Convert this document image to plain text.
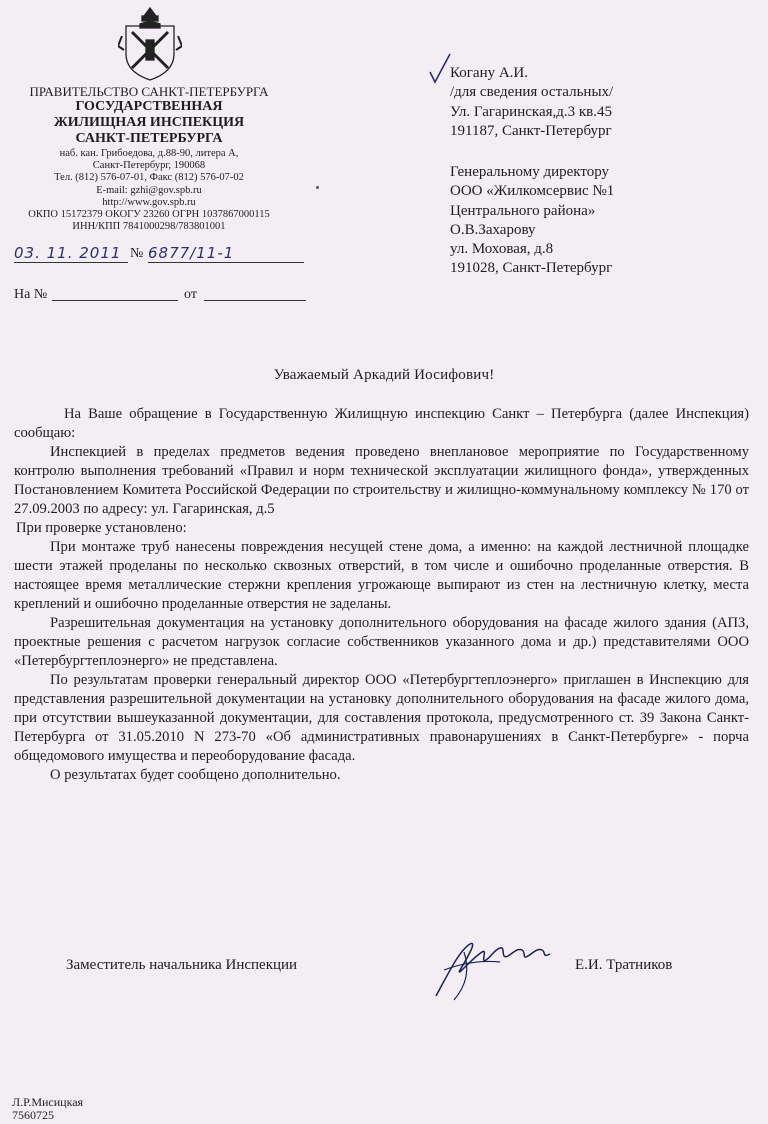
ПРАВИТЕЛЬСТВО САНКТ-ПЕТЕРБУРГА
ГОСУДАРСТВЕННАЯ
ЖИЛИЩНАЯ ИНСПЕКЦИЯ
САНКТ-ПЕТЕРБУРГА
наб. кан. Грибоедова, д.88-90, литера А,
Санкт-Петербург, 190068
Тел. (812) 576-07-01, Факс (812) 576-07-02
E-mail: gzhi@gov.spb.ru
http://www.gov.spb.ru
ОКПО 15172379 ОКОГУ 23260 ОГРН 1037867000115
ИНН/КПП 7841000298/783801001
03. 11. 2011 № 6877/11-1
На №	от
Когану А.И.
/для сведения остальных/
Ул. Гагаринская,д.3 кв.45
191187, Санкт-Петербург
Генеральному директору
ООО «Жилкомсервис №1
Центрального района»
О.В.Захарову
ул. Моховая, д.8
191028, Санкт-Петербург
Уважаемый Аркадий Иосифович!

На Ваше обращение в Государственную Жилищную инспекцию Санкт – Петербурга (далее Инспекция) сообщаю:

Инспекцией в пределах предметов ведения проведено внеплановое мероприятие по Государственному контролю выполнения требований «Правил и норм технической эксплуатации жилищного фонда», утвержденных Постановлением Комитета Российской Федерации по строительству и жилищно-коммунальному комплексу № 170 от 27.09.2003 по адресу: ул. Гагаринская, д.5

При проверке установлено:

При монтаже труб нанесены повреждения несущей стене дома, а именно: на каждой лестничной площадке шести этажей проделаны по несколько сквозных отверстий, в том числе и ошибочно проделанные отверстия. В настоящее время металлические стержни крепления угрожающе выпирают из стен на лестничную клетку, места креплений и ошибочно проделанные отверстия не заделаны.

Разрешительная документация на установку дополнительного оборудования на фасаде жилого здания (АПЗ, проектные решения с расчетом нагрузок согласие собственников указанного дома и др.) представителями ООО «Петербургтеплоэнерго» не представлена.

По результатам проверки генеральный директор ООО «Петербургтеплоэнерго» приглашен в Инспекцию для представления разрешительной документации на установку дополнительного оборудования на фасаде жилого дома, при отсутствии вышеуказанной документации, для составления протокола, предусмотренного ст. 39 Закона Санкт-Петербурга от 31.05.2010 N 273-70 «Об административных правонарушениях в Санкт-Петербурге» - порча общедомового имущества и переоборудование фасада.

О результатах будет сообщено дополнительно.

Заместитель начальника Инспекции	Е.И. Тратников
Л.Р.Мисицкая
7560725
